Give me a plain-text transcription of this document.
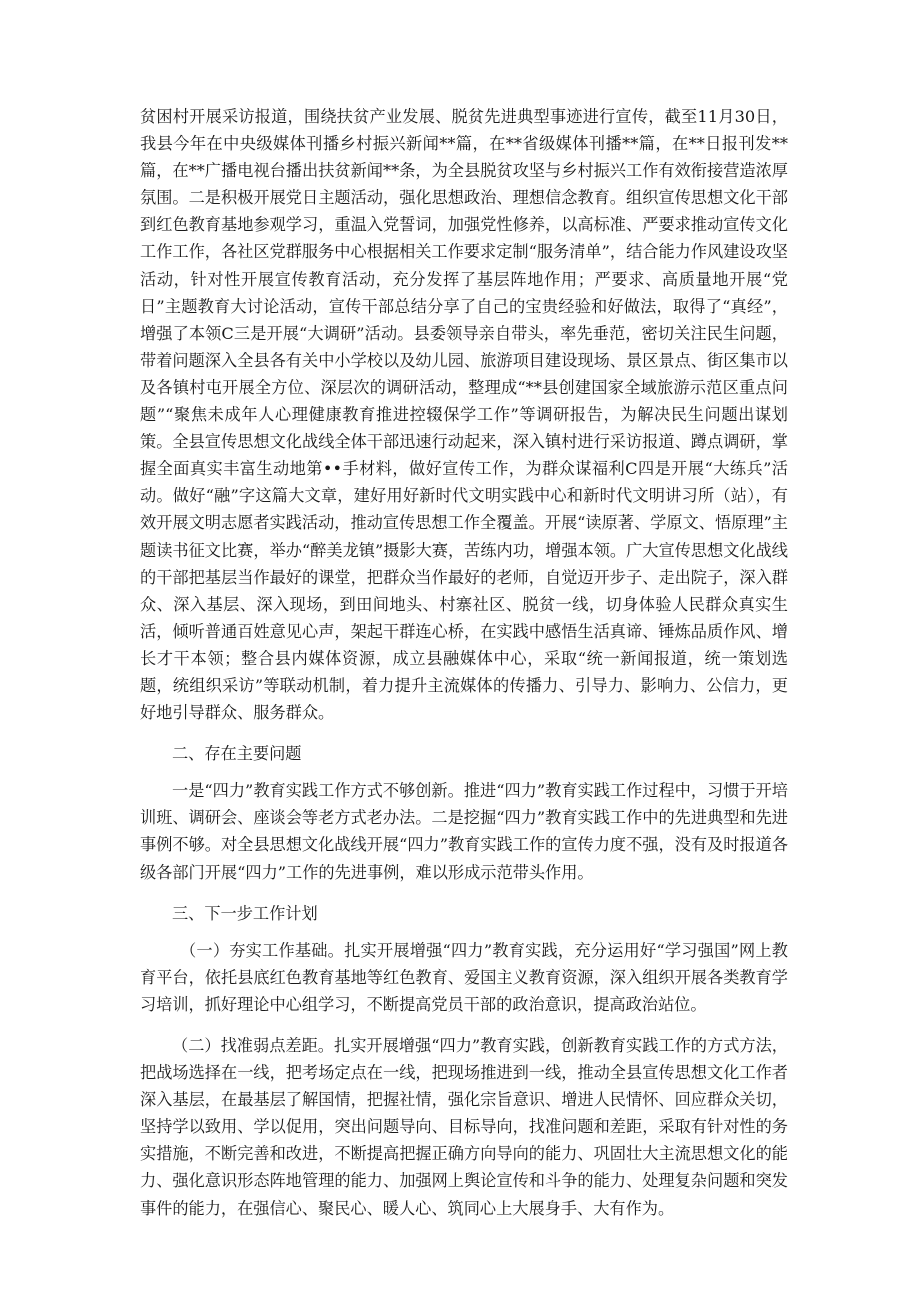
贫困村开展采访报道，围绕扶贫产业发展、脱贫先进典型事迹进行宣传，截至11月30日，我县今年在中央级媒体刊播乡村振兴新闻**篇，在**省级媒体刊播**篇，在**日报刊发**篇，在**广播电视台播出扶贫新闻**条，为全县脱贫攻坚与乡村振兴工作有效衔接营造浓厚氛围。二是积极开展党日主题活动，强化思想政治、理想信念教育。组织宣传思想文化干部到红色教育基地参观学习，重温入党誓词，加强党性修养，以高标准、严要求推动宣传文化工作工作，各社区党群服务中心根据相关工作要求定制“服务清单”，结合能力作风建设攻坚活动，针对性开展宣传教育活动，充分发挥了基层阵地作用；严要求、高质量地开展“党日”主题教育大讨论活动，宣传干部总结分享了自己的宝贵经验和好做法，取得了“真经”，增强了本领C三是开展“大调研”活动。县委领导亲自带头，率先垂范，密切关注民生问题，带着问题深入全县各有关中小学校以及幼儿园、旅游项目建设现场、景区景点、街区集市以及各镇村屯开展全方位、深层次的调研活动，整理成“**县创建国家全域旅游示范区重点问题”“聚焦未成年人心理健康教育推进控辍保学工作”等调研报告，为解决民生问题出谋划策。全县宣传思想文化战线全体干部迅速行动起来，深入镇村进行采访报道、蹲点调研，掌握全面真实丰富生动地第••手材料，做好宣传工作，为群众谋福利C四是开展“大练兵”活动。做好“融”字这篇大文章，建好用好新时代文明实践中心和新时代文明讲习所（站），有效开展文明志愿者实践活动，推动宣传思想工作全覆盖。开展“读原著、学原文、悟原理”主题读书征文比赛，举办“醉美龙镇”摄影大赛，苦练内功，增强本领。广大宣传思想文化战线的干部把基层当作最好的课堂，把群众当作最好的老师，自觉迈开步子、走出院子，深入群众、深入基层、深入现场，到田间地头、村寨社区、脱贫一线，切身体验人民群众真实生活，倾听普通百姓意见心声，架起干群连心桥，在实践中感悟生活真谛、锤炼品质作风、增长才干本领；整合县内媒体资源，成立县融媒体中心，采取“统一新闻报道，统一策划选题，统组织采访”等联动机制，着力提升主流媒体的传播力、引导力、影响力、公信力，更好地引导群众、服务群众。

二、存在主要问题

一是“四力”教育实践工作方式不够创新。推进“四力”教育实践工作过程中，习惯于开培训班、调研会、座谈会等老方式老办法。二是挖掘“四力”教育实践工作中的先进典型和先进事例不够。对全县思想文化战线开展“四力”教育实践工作的宣传力度不强，没有及时报道各级各部门开展“四力”工作的先进事例，难以形成示范带头作用。

三、下一步工作计划

（一）夯实工作基础。扎实开展增强“四力”教育实践，充分运用好“学习强国”网上教育平台，依托县底红色教育基地等红色教育、爱国主义教育资源，深入组织开展各类教育学习培训，抓好理论中心组学习，不断提高党员干部的政治意识，提高政治站位。

（二）找准弱点差距。扎实开展增强“四力”教育实践，创新教育实践工作的方式方法，把战场选择在一线，把考场定点在一线，把现场推进到一线，推动全县宣传思想文化工作者深入基层，在最基层了解国情，把握社情，强化宗旨意识、增进人民情怀、回应群众关切，坚持学以致用、学以促用，突出问题导向、目标导向，找准问题和差距，采取有针对性的务实措施，不断完善和改进，不断提高把握正确方向导向的能力、巩固壮大主流思想文化的能力、强化意识形态阵地管理的能力、加强网上舆论宣传和斗争的能力、处理复杂问题和突发事件的能力，在强信心、聚民心、暖人心、筑同心上大展身手、大有作为。
